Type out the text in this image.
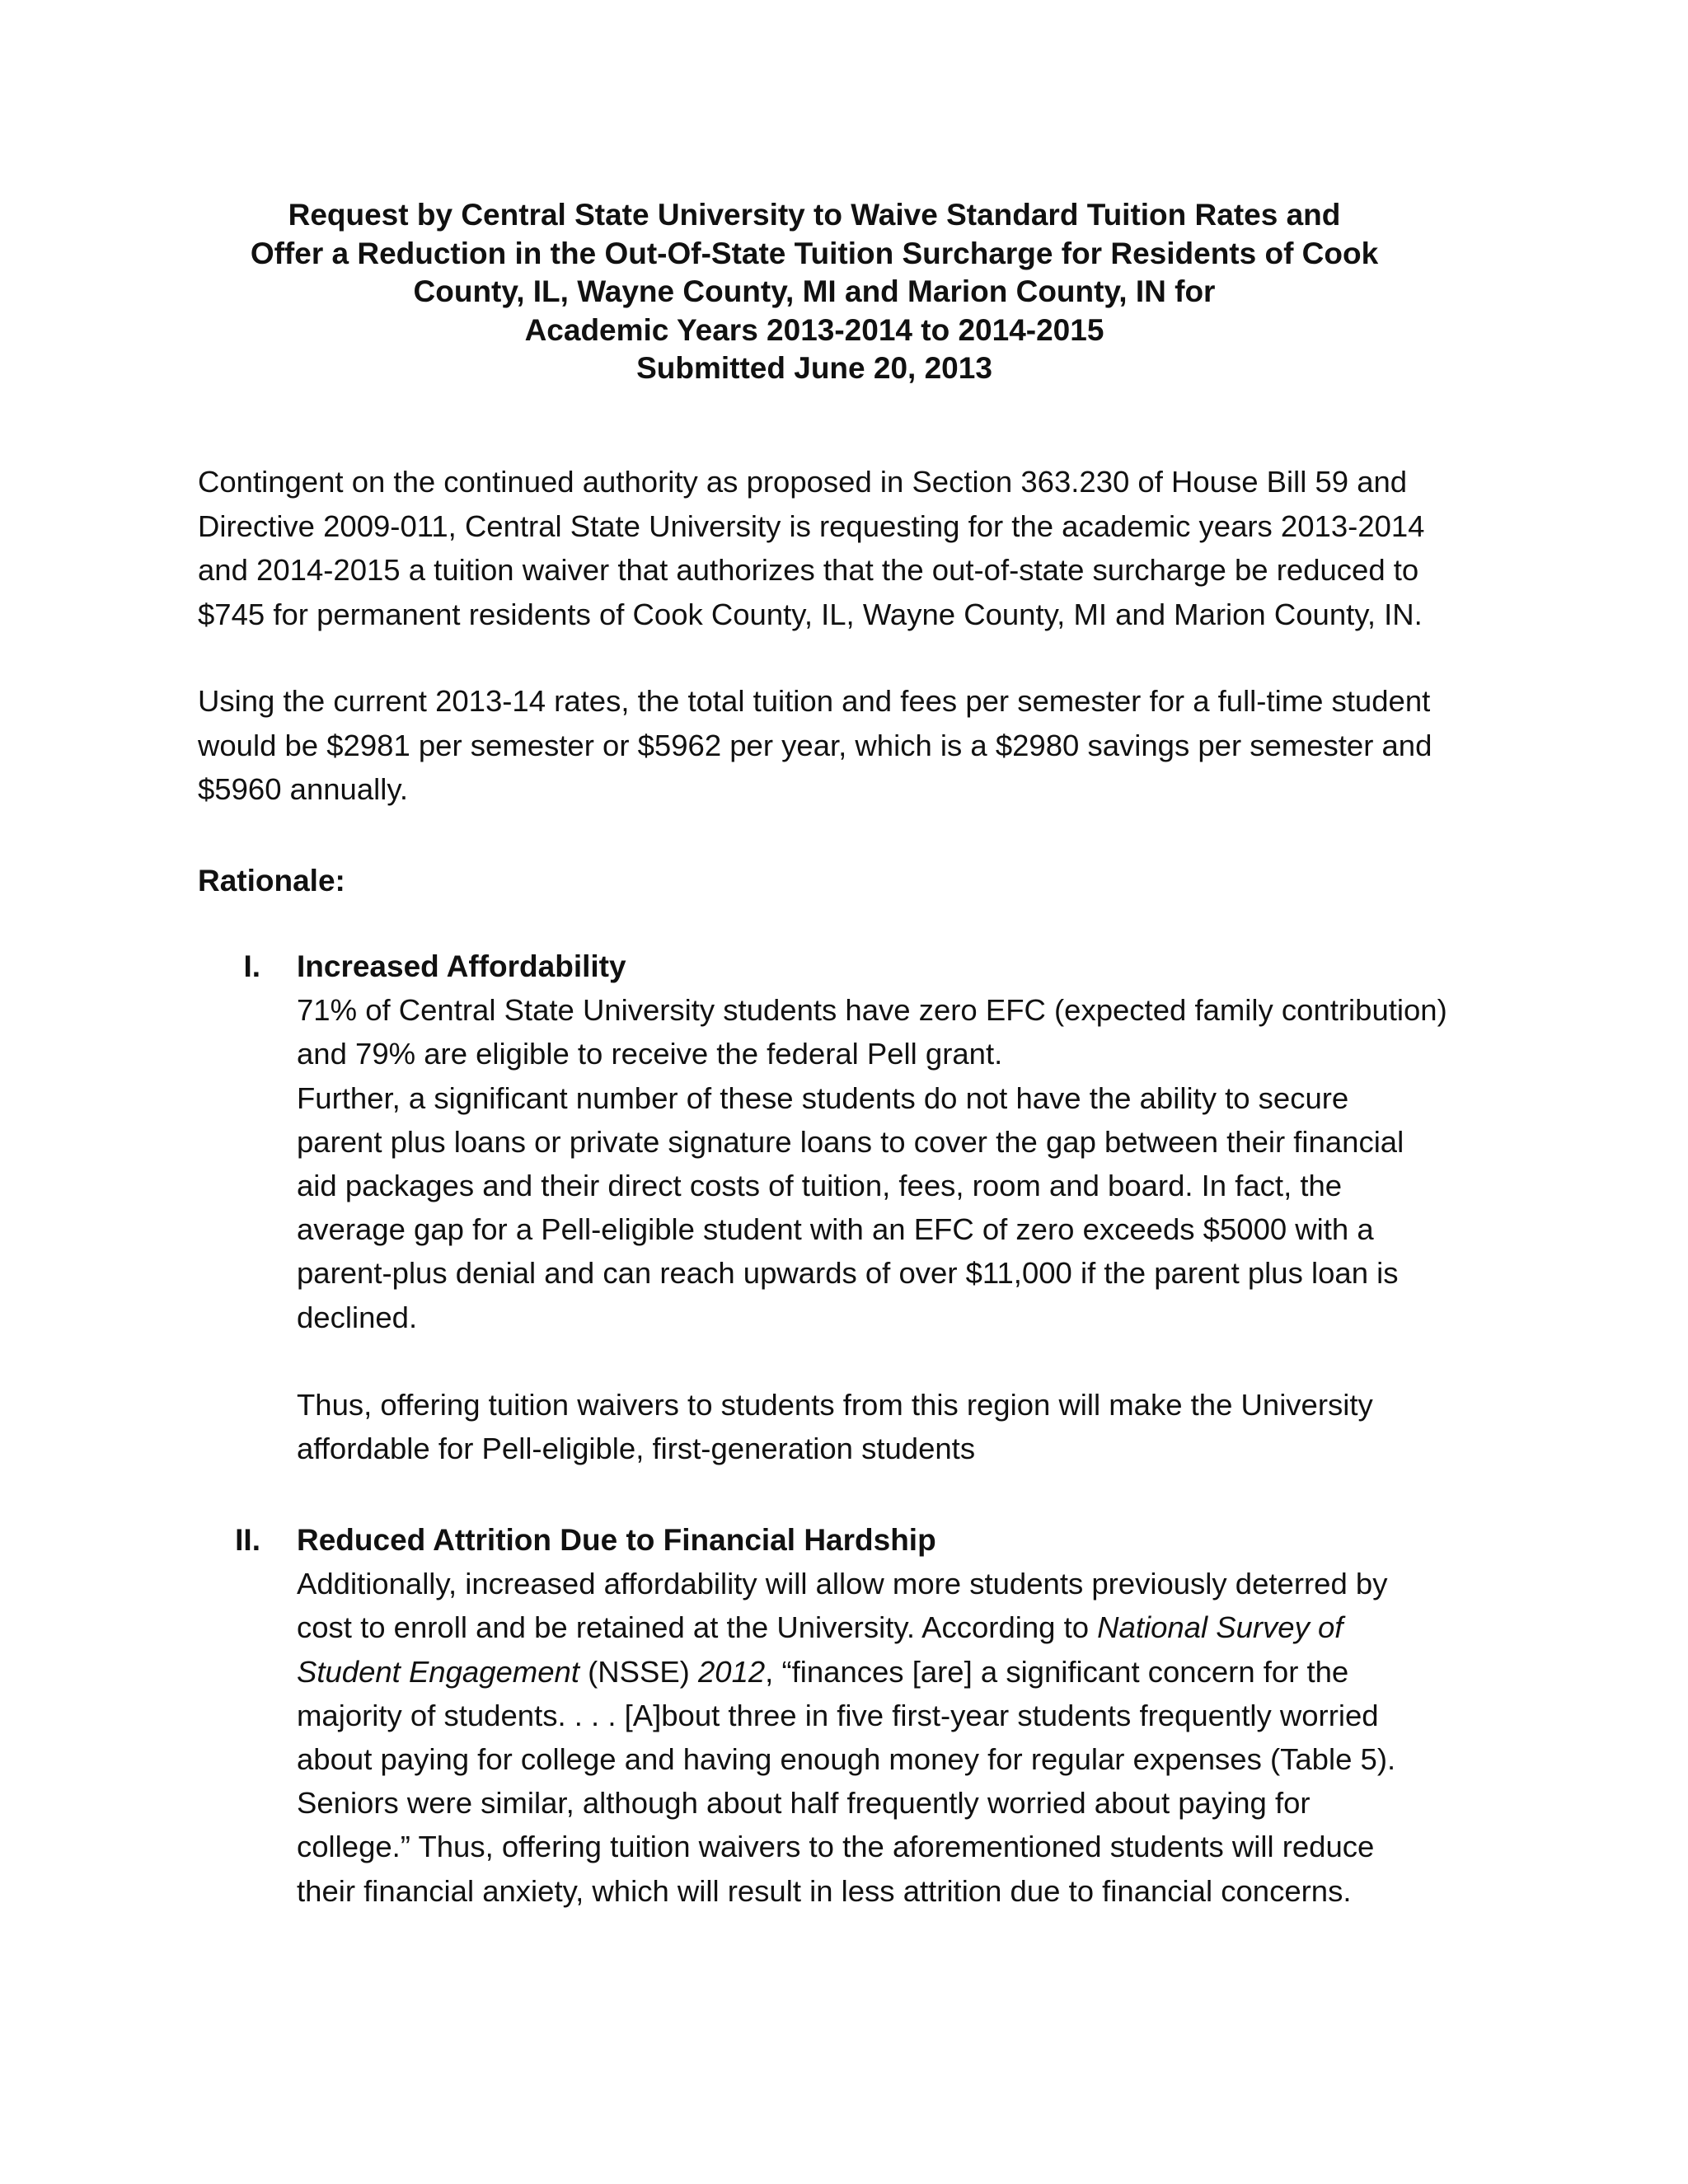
Request by Central State University to Waive Standard Tuition Rates and
Offer a Reduction in the Out-Of-State Tuition Surcharge for Residents of Cook
County, IL, Wayne County, MI and Marion County, IN for
Academic Years 2013-2014 to 2014-2015
Submitted June 20, 2013
Contingent on the continued authority as proposed in Section 363.230 of House Bill 59 and
Directive 2009-011, Central State University is requesting for the academic years 2013-2014
and 2014-2015 a tuition waiver that authorizes that the out-of-state surcharge be reduced to
$745 for permanent residents of Cook County, IL, Wayne County, MI and Marion County, IN.
Using the current 2013-14 rates, the total tuition and fees per semester for a full-time student
would be $2981 per semester or $5962 per year, which is a $2980 savings per semester and
$5960 annually.
Rationale:
I. Increased Affordability
71% of Central State University students have zero EFC (expected family contribution)
and 79% are eligible to receive the federal Pell grant.
Further, a significant number of these students do not have the ability to secure
parent plus loans or private signature loans to cover the gap between their financial
aid packages and their direct costs of tuition, fees, room and board. In fact, the
average gap for a Pell-eligible student with an EFC of zero exceeds $5000 with a
parent-plus denial and can reach upwards of over $11,000 if the parent plus loan is
declined.
Thus, offering tuition waivers to students from this region will make the University
affordable for Pell-eligible, first-generation students
II. Reduced Attrition Due to Financial Hardship
Additionally, increased affordability will allow more students previously deterred by
cost to enroll and be retained at the University. According to National Survey of
Student Engagement (NSSE) 2012, “finances [are] a significant concern for the
majority of students. . . . [A]bout three in five first-year students frequently worried
about paying for college and having enough money for regular expenses (Table 5).
Seniors were similar, although about half frequently worried about paying for
college.” Thus, offering tuition waivers to the aforementioned students will reduce
their financial anxiety, which will result in less attrition due to financial concerns.
